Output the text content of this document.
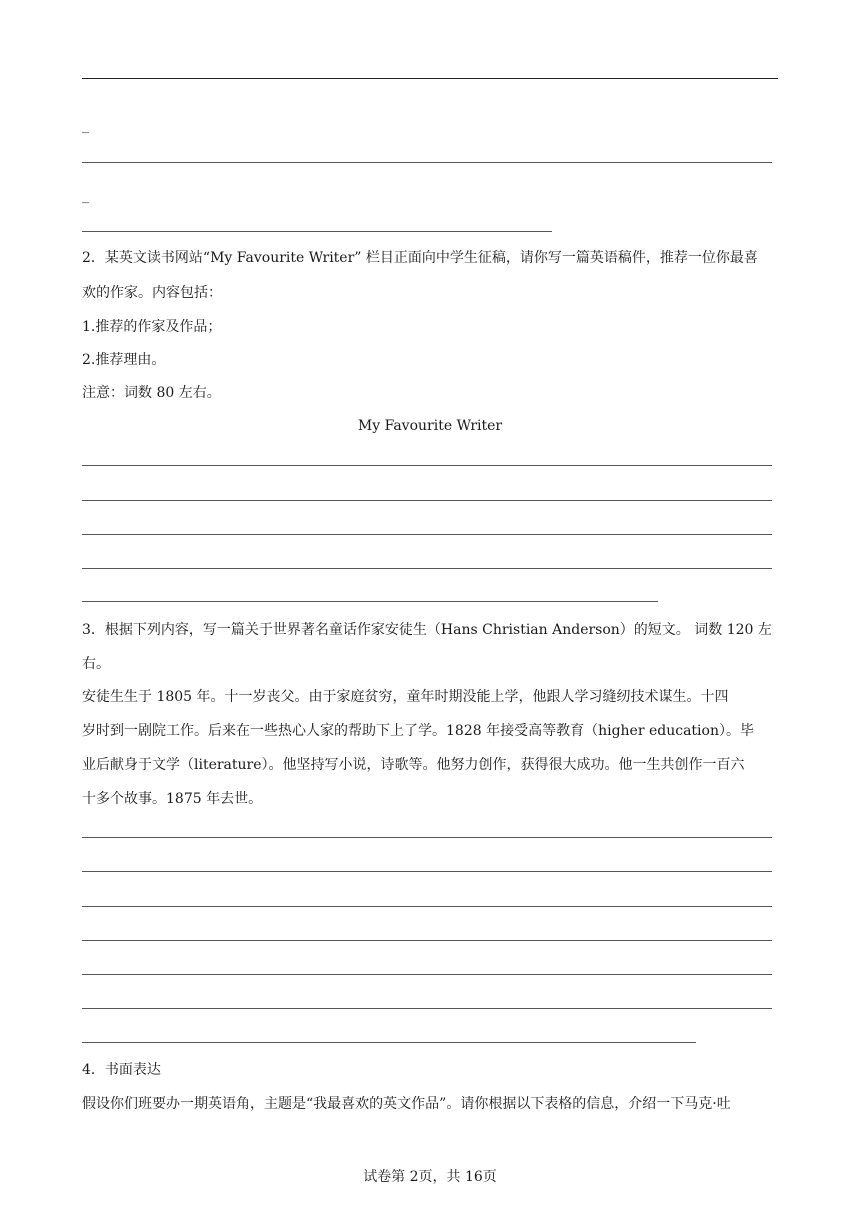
_
_
2．某英文读书网站“My Favourite Writer” 栏目正面向中学生征稿，请你写一篇英语稿件，推荐一位你最喜
欢的作家。内容包括：
1.推荐的作家及作品；
2.推荐理由。
注意：词数 80 左右。
My Favourite Writer
3．根据下列内容，写一篇关于世界著名童话作家安徒生（Hans Christian Anderson）的短文。 词数 120 左
右。
安徒生生于 1805 年。十一岁丧父。由于家庭贫穷，童年时期没能上学，他跟人学习缝纫技术谋生。十四
岁时到一剧院工作。后来在一些热心人家的帮助下上了学。1828 年接受高等教育（higher education）。毕
业后献身于文学（literature）。他坚持写小说，诗歌等。他努力创作，获得很大成功。他一生共创作一百六
十多个故事。1875 年去世。
4．书面表达
假设你们班要办一期英语角，主题是“我最喜欢的英文作品”。请你根据以下表格的信息，介绍一下马克·吐
试卷第 2页，共 16页
